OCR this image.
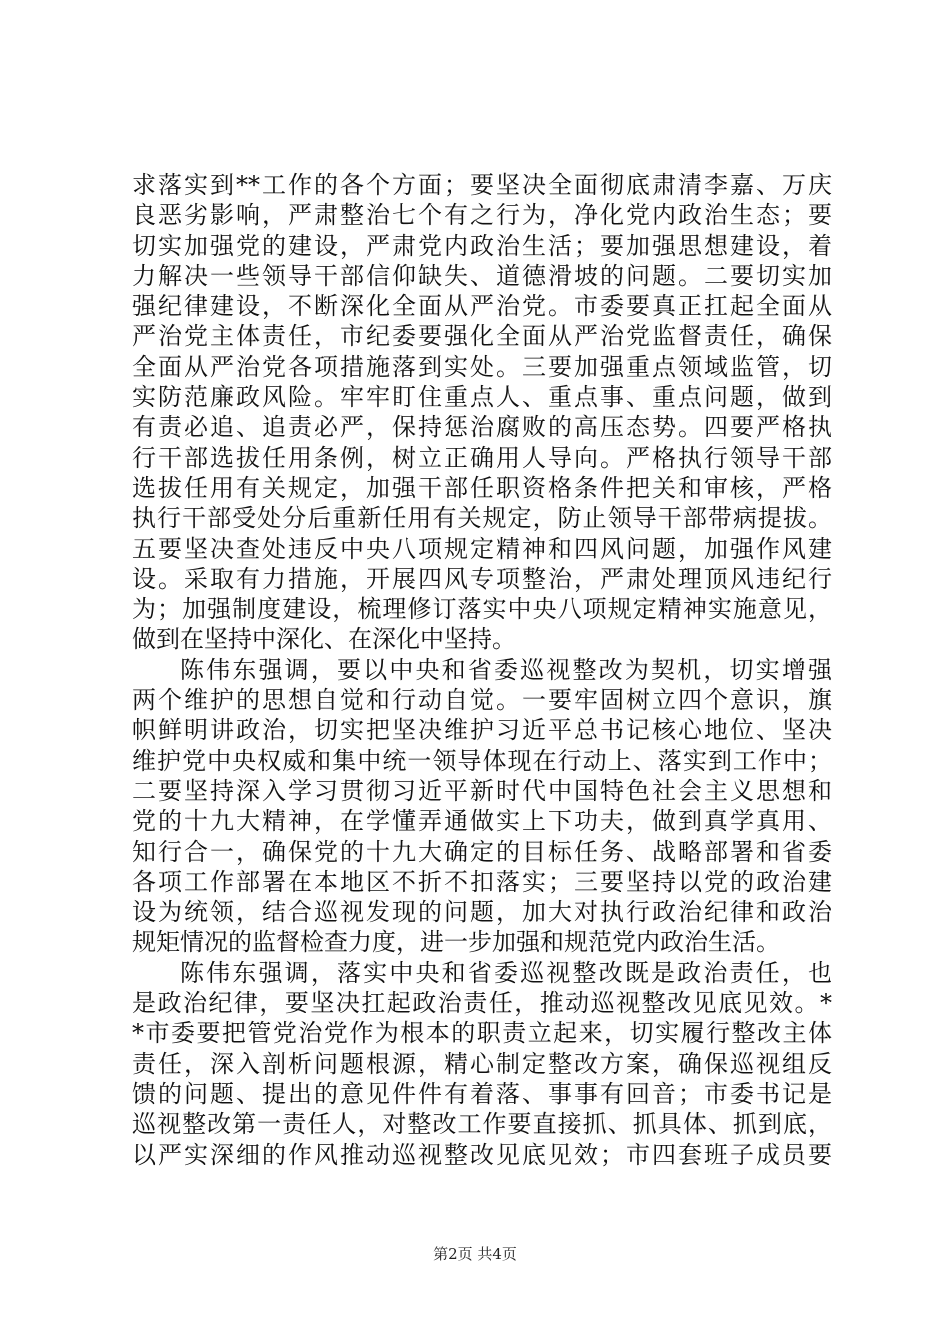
求落实到**工作的各个方面；要坚决全面彻底肃清李嘉、万庆
良恶劣影响，严肃整治七个有之行为，净化党内政治生态；要
切实加强党的建设，严肃党内政治生活；要加强思想建设，着
力解决一些领导干部信仰缺失、道德滑坡的问题。二要切实加
强纪律建设，不断深化全面从严治党。市委要真正扛起全面从
严治党主体责任，市纪委要强化全面从严治党监督责任，确保
全面从严治党各项措施落到实处。三要加强重点领域监管，切
实防范廉政风险。牢牢盯住重点人、重点事、重点问题，做到
有责必追、追责必严，保持惩治腐败的高压态势。四要严格执
行干部选拔任用条例，树立正确用人导向。严格执行领导干部
选拔任用有关规定，加强干部任职资格条件把关和审核，严格
执行干部受处分后重新任用有关规定，防止领导干部带病提拔。
五要坚决查处违反中央八项规定精神和四风问题，加强作风建
设。采取有力措施，开展四风专项整治，严肃处理顶风违纪行
为；加强制度建设，梳理修订落实中央八项规定精神实施意见，
做到在坚持中深化、在深化中坚持。
陈伟东强调，要以中央和省委巡视整改为契机，切实增强
两个维护的思想自觉和行动自觉。一要牢固树立四个意识，旗
帜鲜明讲政治，切实把坚决维护习近平总书记核心地位、坚决
维护党中央权威和集中统一领导体现在行动上、落实到工作中；
二要坚持深入学习贯彻习近平新时代中国特色社会主义思想和
党的十九大精神，在学懂弄通做实上下功夫，做到真学真用、
知行合一，确保党的十九大确定的目标任务、战略部署和省委
各项工作部署在本地区不折不扣落实；三要坚持以党的政治建
设为统领，结合巡视发现的问题，加大对执行政治纪律和政治
规矩情况的监督检查力度，进一步加强和规范党内政治生活。
陈伟东强调，落实中央和省委巡视整改既是政治责任，也
是政治纪律，要坚决扛起政治责任，推动巡视整改见底见效。*
*市委要把管党治党作为根本的职责立起来，切实履行整改主体
责任，深入剖析问题根源，精心制定整改方案，确保巡视组反
馈的问题、提出的意见件件有着落、事事有回音；市委书记是
巡视整改第一责任人，对整改工作要直接抓、抓具体、抓到底，
以严实深细的作风推动巡视整改见底见效；市四套班子成员要
第2页 共4页
